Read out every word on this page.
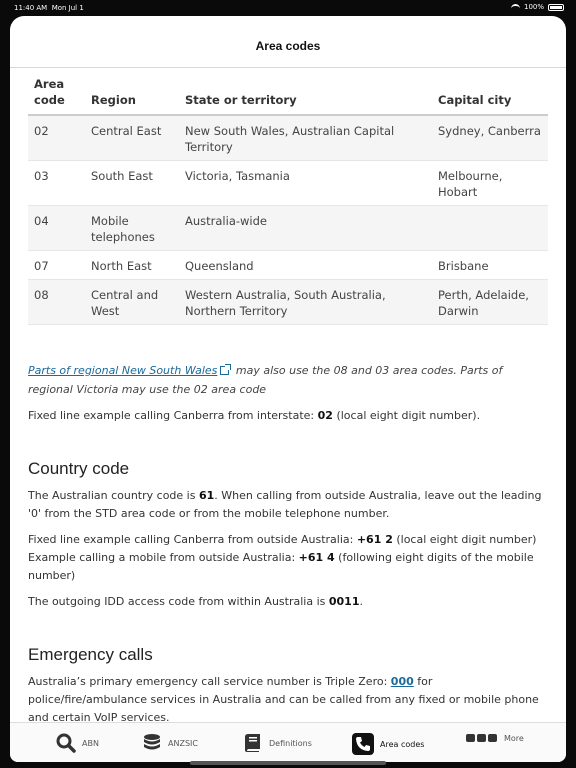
11:40 AM Mon Jul 1	100%
Area codes
Area
code	Region	State or territory	Capital city
02	Central East	New South Wales, Australian Capital Territory	Sydney, Canberra
03	South East	Victoria, Tasmania	Melbourne, Hobart
04	Mobile telephones	Australia-wide	
07	North East	Queensland	Brisbane
08	Central and West	Western Australia, South Australia, Northern Territory	Perth, Adelaide, Darwin
Parts of regional New South Wales may also use the 08 and 03 area codes. Parts of regional Victoria may use the 02 area code

Fixed line example calling Canberra from interstate: 02 (local eight digit number).

Country code

The Australian country code is 61. When calling from outside Australia, leave out the leading '0' from the STD area code or from the mobile telephone number.

Fixed line example calling Canberra from outside Australia: +61 2 (local eight digit number)
Example calling a mobile from outside Australia: +61 4 (following eight digits of the mobile number)

The outgoing IDD access code from within Australia is 0011.

Emergency calls

Australia’s primary emergency call service number is Triple Zero: 000 for police/fire/ambulance services in Australia and can be called from any fixed or mobile phone and certain VoIP services.

ABN	ANZSIC	Definitions	Area codes
More
